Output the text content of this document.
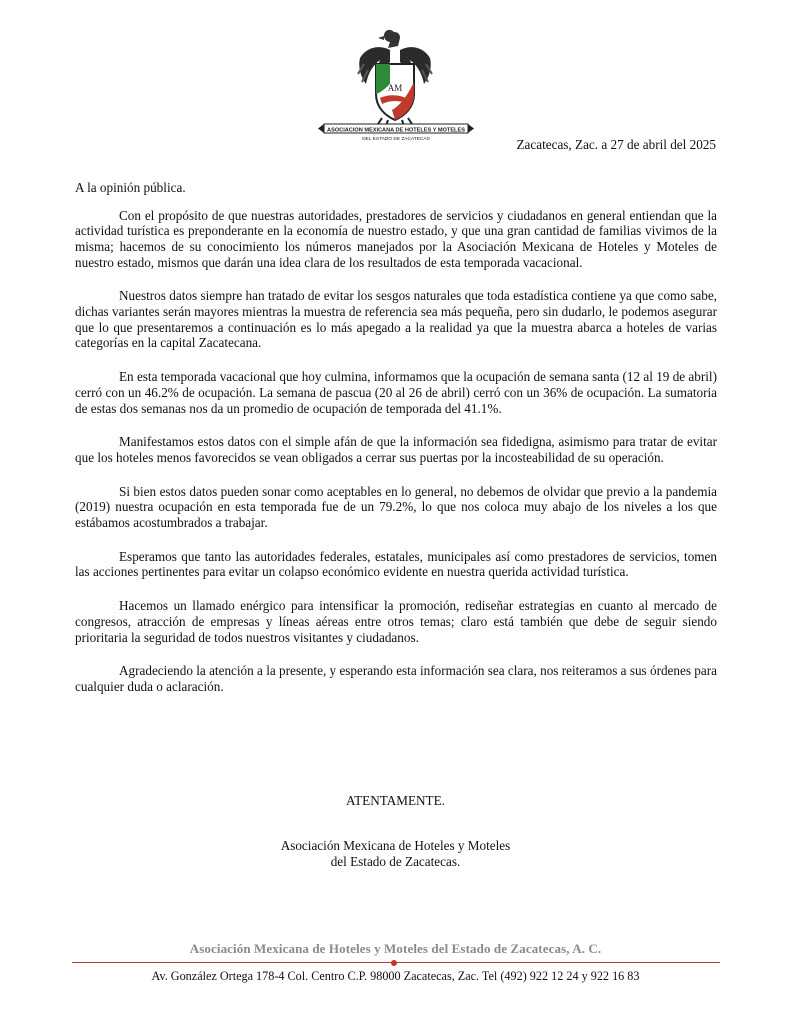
AM
ASOCIACION MEXICANA DE HOTELES Y MOTELES
DEL ESTADO DE ZACATECAS	Zacatecas, Zac. a 27 de abril del 2025

A la opinión pública.

Con el propósito de que nuestras autoridades, prestadores de servicios y ciudadanos en general entiendan que la actividad turística es preponderante en la economía de nuestro estado, y que una gran cantidad de familias vivimos de la misma; hacemos de su conocimiento los números manejados por la Asociación Mexicana de Hoteles y Moteles de nuestro estado, mismos que darán una idea clara de los resultados de esta temporada vacacional.

Nuestros datos siempre han tratado de evitar los sesgos naturales que toda estadística contiene ya que como sabe, dichas variantes serán mayores mientras la muestra de referencia sea más pequeña, pero sin dudarlo, le podemos asegurar que lo que presentaremos a continuación es lo más apegado a la realidad ya que la muestra abarca a hoteles de varias categorías en la capital Zacatecana.

En esta temporada vacacional que hoy culmina, informamos que la ocupación de semana santa (12 al 19 de abril) cerró con un 46.2% de ocupación. La semana de pascua (20 al 26 de abril) cerró con un 36% de ocupación. La sumatoria de estas dos semanas nos da un promedio de ocupación de temporada del 41.1%.

Manifestamos estos datos con el simple afán de que la información sea fidedigna, asimismo para tratar de evitar que los hoteles menos favorecidos se vean obligados a cerrar sus puertas por la incosteabilidad de su operación.

Si bien estos datos pueden sonar como aceptables en lo general, no debemos de olvidar que previo a la pandemia (2019) nuestra ocupación en esta temporada fue de un 79.2%, lo que nos coloca muy abajo de los niveles a los que estábamos acostumbrados a trabajar.

Esperamos que tanto las autoridades federales, estatales, municipales así como prestadores de servicios, tomen las acciones pertinentes para evitar un colapso económico evidente en nuestra querida actividad turística.

Hacemos un llamado enérgico para intensificar la promoción, rediseñar estrategias en cuanto al mercado de congresos, atracción de empresas y líneas aéreas entre otros temas; claro está también que debe de seguir siendo prioritaria la seguridad de todos nuestros visitantes y ciudadanos.

Agradeciendo la atención a la presente, y esperando esta información sea clara, nos reiteramos a sus órdenes para cualquier duda o aclaración.

ATENTAMENTE.
Asociación Mexicana de Hoteles y Moteles
del Estado de Zacatecas.
Asociación Mexicana de Hoteles y Moteles del Estado de Zacatecas, A. C.
Av. González Ortega 178-4 Col. Centro C.P. 98000 Zacatecas, Zac. Tel (492) 922 12 24 y 922 16 83
